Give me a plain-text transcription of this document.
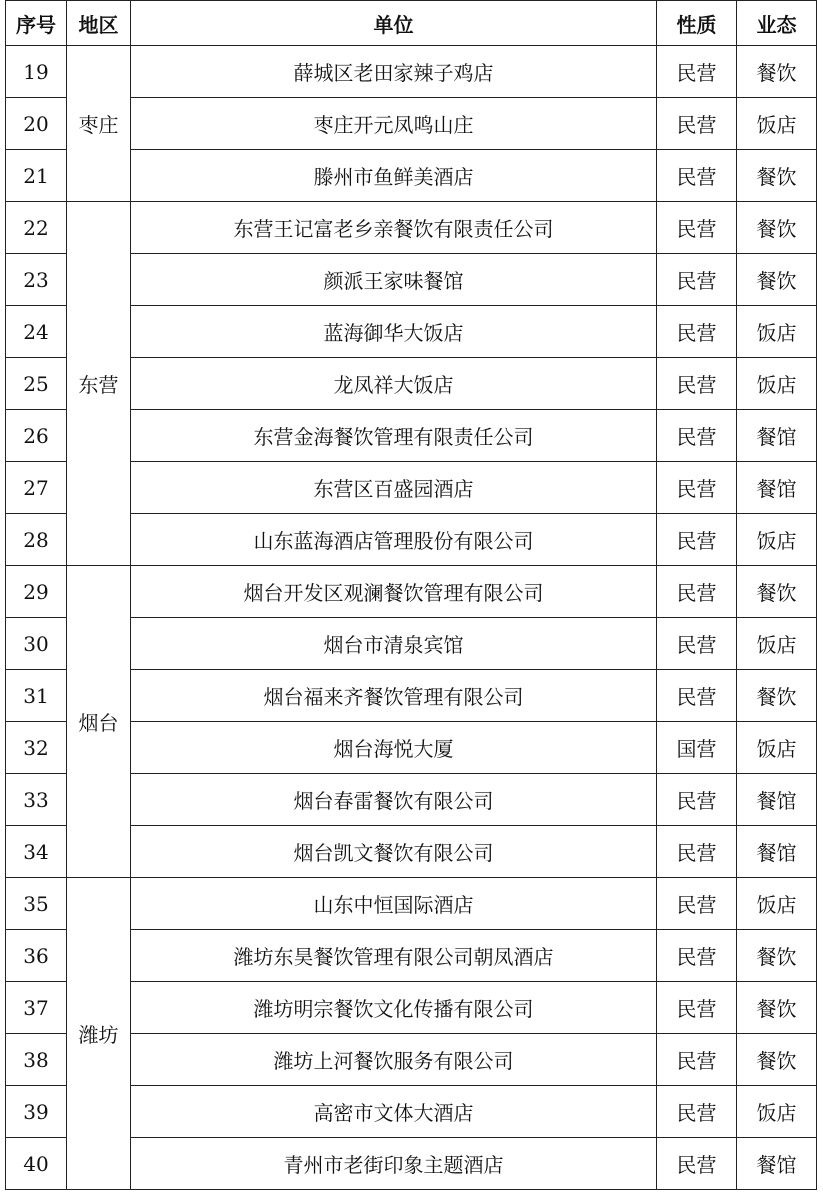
序号	地区	单位	性质	业态
19	枣庄	薛城区老田家辣子鸡店	民营	餐饮
20		枣庄开元凤鸣山庄	民营	饭店
21		滕州市鱼鲜美酒店	民营	餐饮
22	东营	东营王记富老乡亲餐饮有限责任公司	民营	餐饮
23		颜派王家味餐馆	民营	餐饮
24		蓝海御华大饭店	民营	饭店
25		龙凤祥大饭店	民营	饭店
26		东营金海餐饮管理有限责任公司	民营	餐馆
27		东营区百盛园酒店	民营	餐馆
28		山东蓝海酒店管理股份有限公司	民营	饭店
29	烟台	烟台开发区观澜餐饮管理有限公司	民营	餐饮
30		烟台市清泉宾馆	民营	饭店
31		烟台福来齐餐饮管理有限公司	民营	餐饮
32		烟台海悦大厦	国营	饭店
33		烟台春雷餐饮有限公司	民营	餐馆
34		烟台凯文餐饮有限公司	民营	餐馆
35	潍坊	山东中恒国际酒店	民营	饭店
36		潍坊东昊餐饮管理有限公司朝凤酒店	民营	餐饮
37		潍坊明宗餐饮文化传播有限公司	民营	餐饮
38		潍坊上河餐饮服务有限公司	民营	餐饮
39		高密市文体大酒店	民营	饭店
40		青州市老街印象主题酒店	民营	餐馆
